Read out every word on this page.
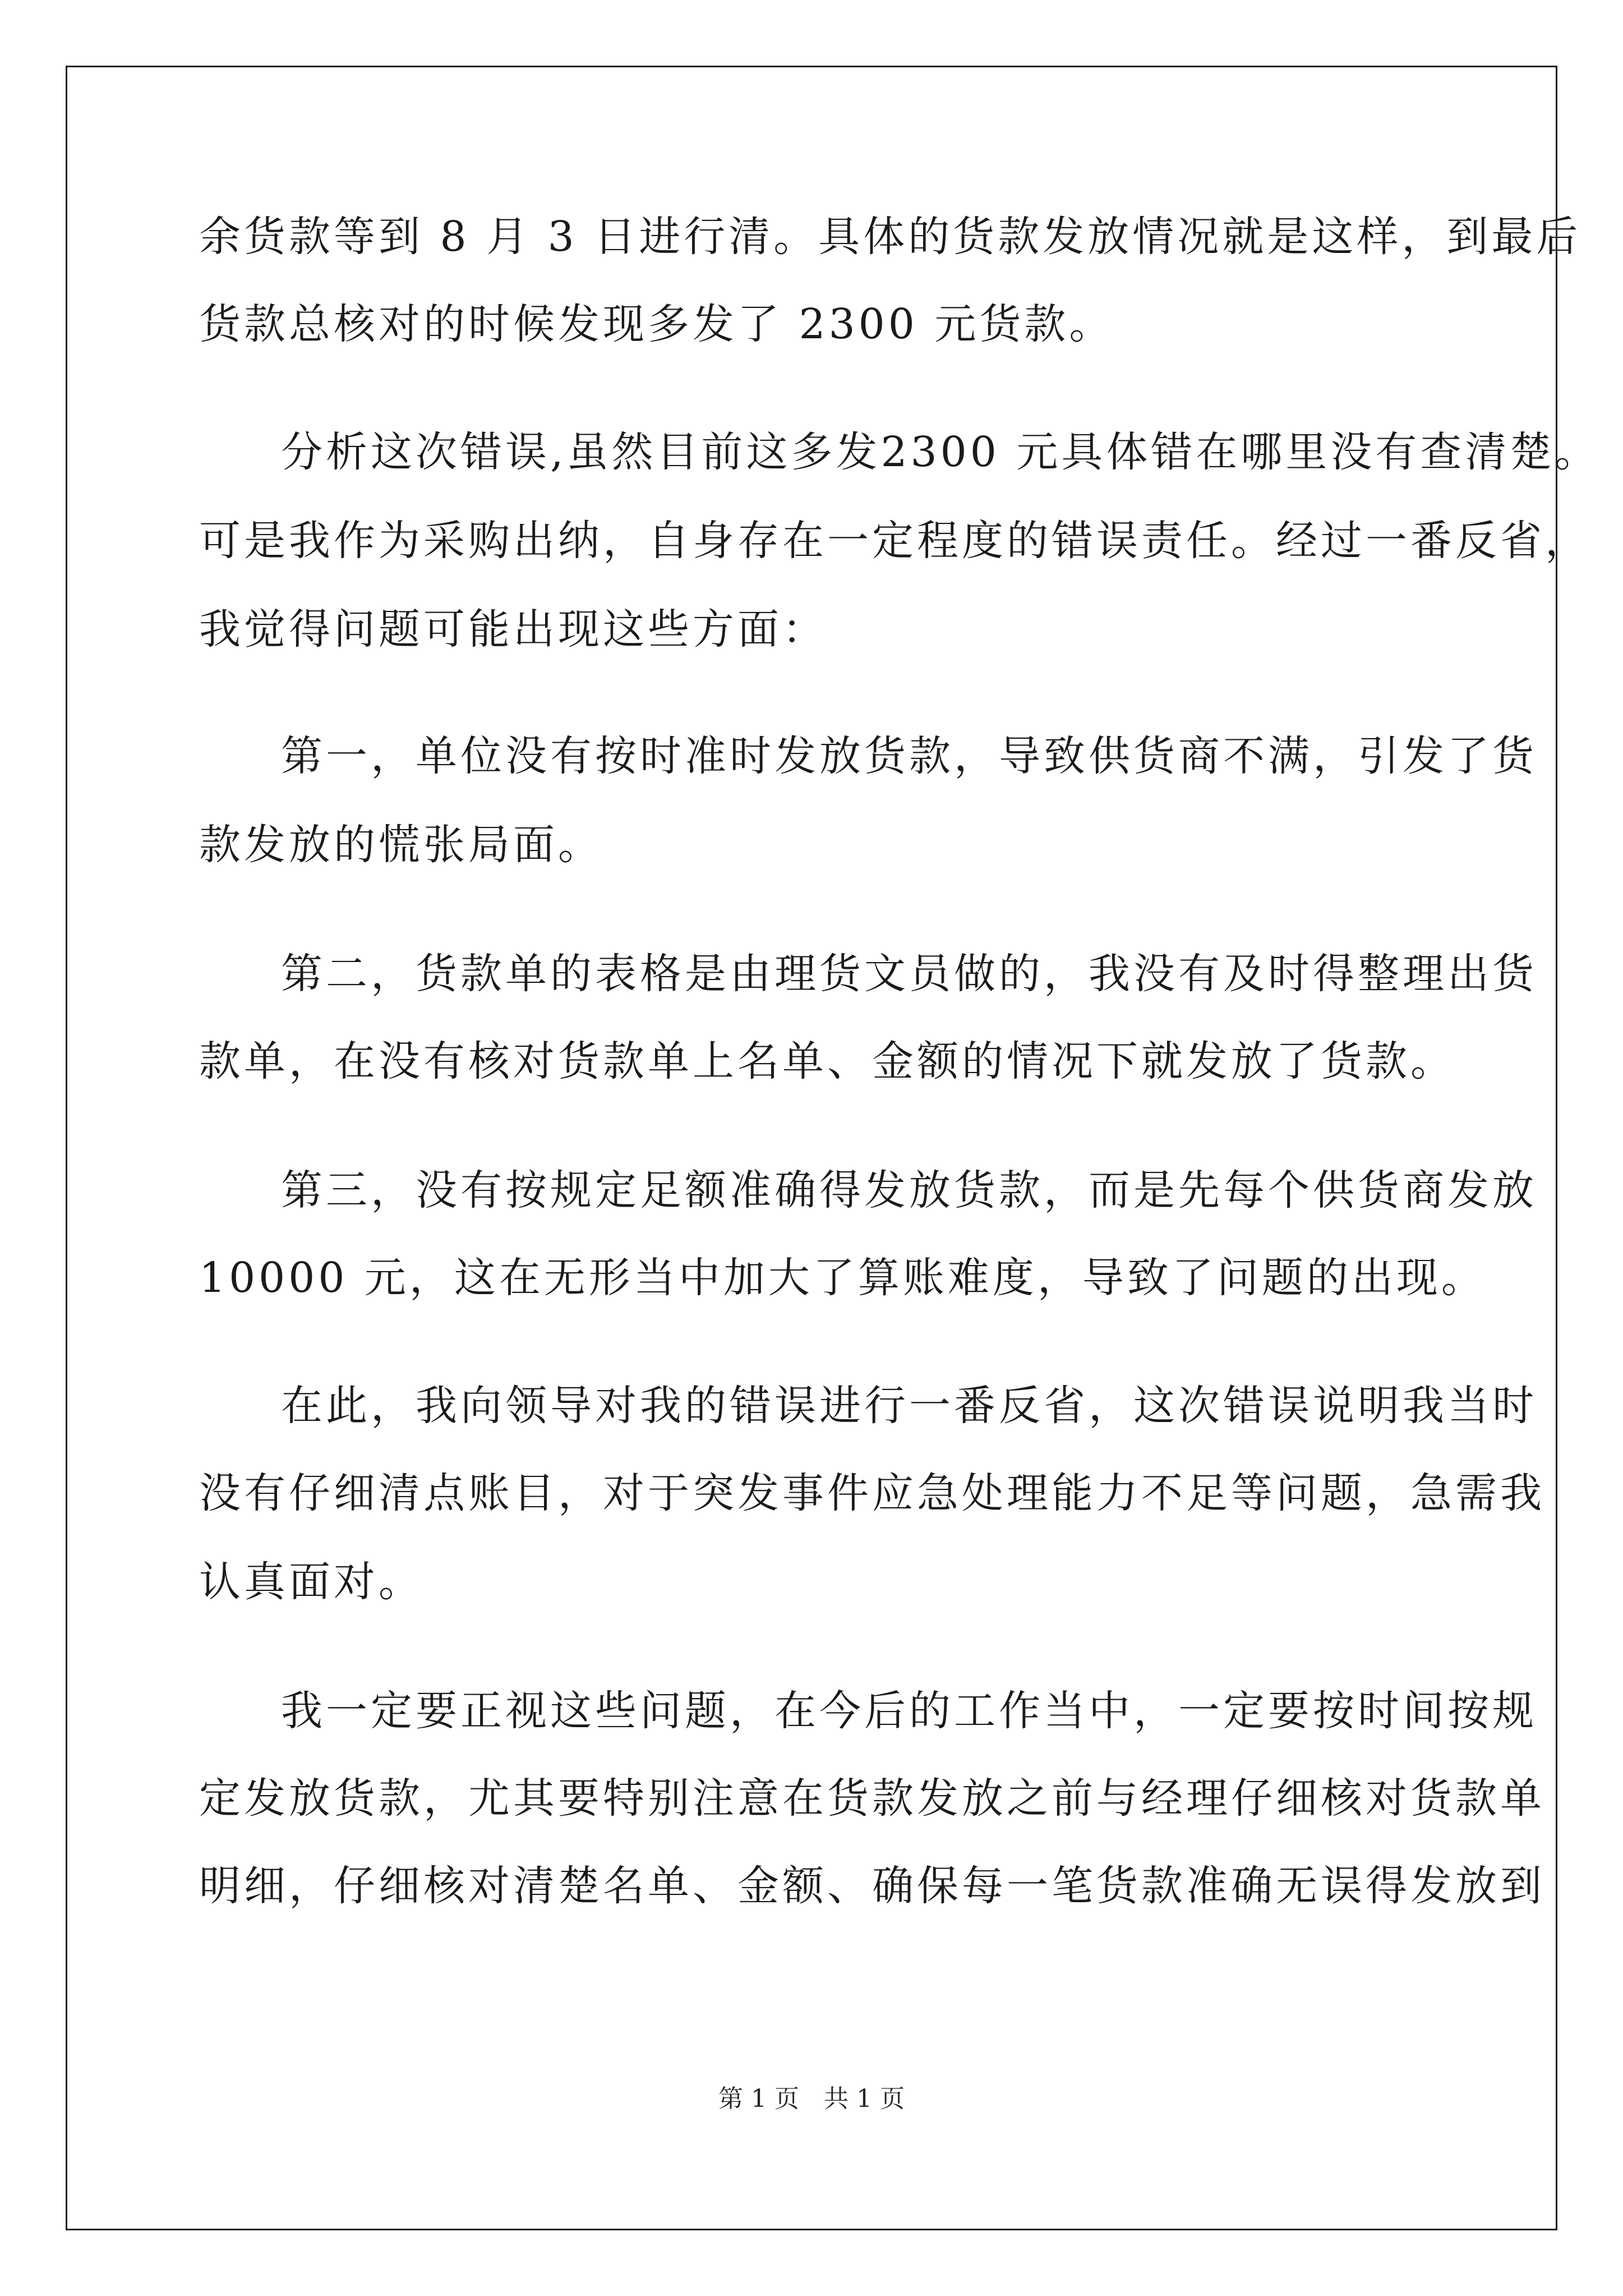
余货款等到 8 月 3 日进行清。具体的货款发放情况就是这样，到最后
货款总核对的时候发现多发了 2300 元货款。
分析这次错误,虽然目前这多发2300 元具体错在哪里没有查清楚。
可是我作为采购出纳，自身存在一定程度的错误责任。经过一番反省，
我觉得问题可能出现这些方面：
第一，单位没有按时准时发放货款，导致供货商不满，引发了货
款发放的慌张局面。
第二，货款单的表格是由理货文员做的，我没有及时得整理出货
款单，在没有核对货款单上名单、金额的情况下就发放了货款。
第三，没有按规定足额准确得发放货款，而是先每个供货商发放
10000 元，这在无形当中加大了算账难度，导致了问题的出现。
在此，我向领导对我的错误进行一番反省，这次错误说明我当时
没有仔细清点账目，对于突发事件应急处理能力不足等问题，急需我
认真面对。
我一定要正视这些问题，在今后的工作当中，一定要按时间按规
定发放货款，尤其要特别注意在货款发放之前与经理仔细核对货款单
明细，仔细核对清楚名单、金额、确保每一笔货款准确无误得发放到
第 1 页　共 1 页
